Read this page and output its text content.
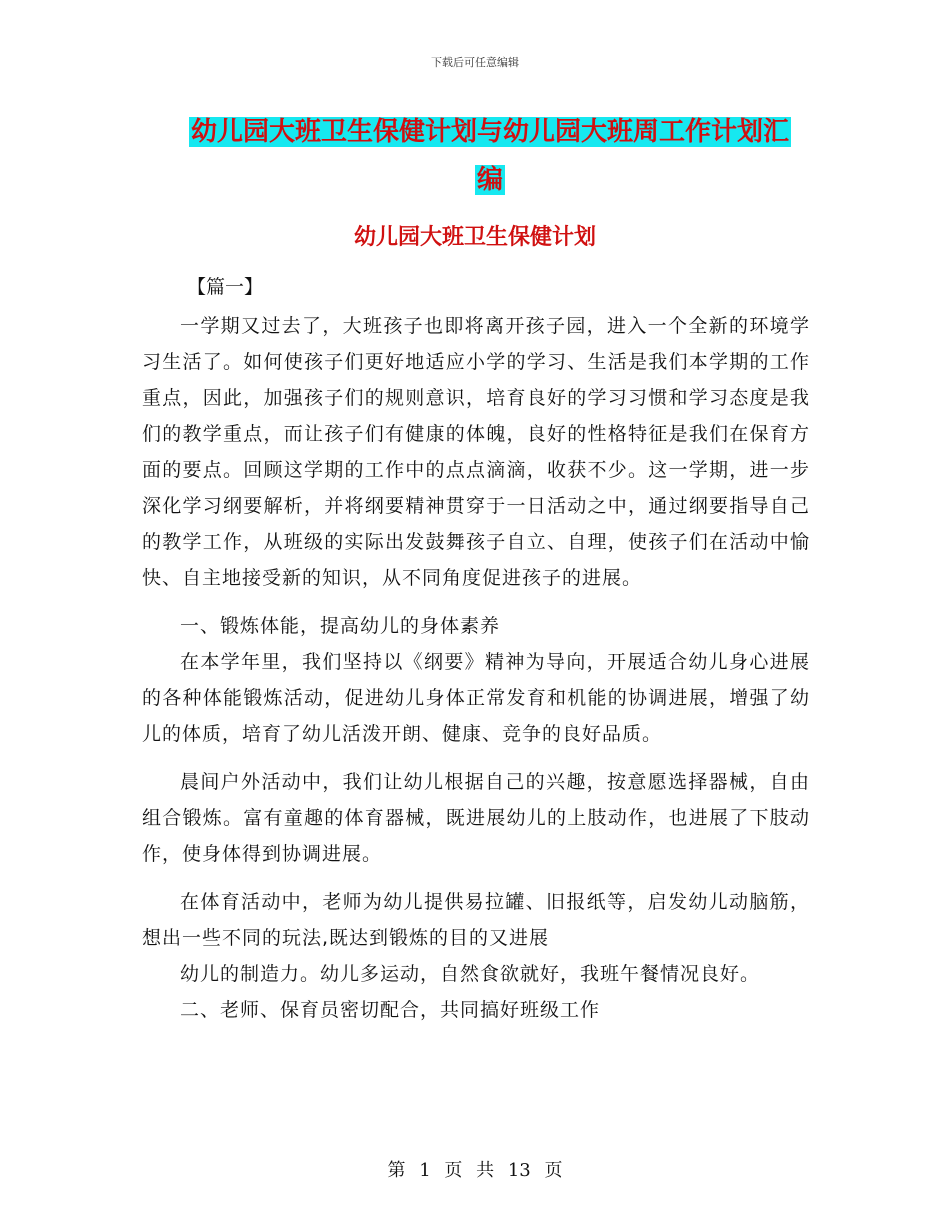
下载后可任意编辑
幼儿园大班卫生保健计划与幼儿园大班周工作计划汇
编
幼儿园大班卫生保健计划
【篇一】

一学期又过去了，大班孩子也即将离开孩子园，进入一个全新的环境学习生活了。如何使孩子们更好地适应小学的学习、生活是我们本学期的工作重点，因此，加强孩子们的规则意识，培育良好的学习习惯和学习态度是我们的教学重点，而让孩子们有健康的体魄，良好的性格特征是我们在保育方面的要点。回顾这学期的工作中的点点滴滴，收获不少。这一学期，进一步深化学习纲要解析，并将纲要精神贯穿于一日活动之中，通过纲要指导自己的教学工作，从班级的实际出发鼓舞孩子自立、自理，使孩子们在活动中愉快、自主地接受新的知识，从不同角度促进孩子的进展。

一、锻炼体能，提高幼儿的身体素养

在本学年里，我们坚持以《纲要》精神为导向，开展适合幼儿身心进展的各种体能锻炼活动，促进幼儿身体正常发育和机能的协调进展，增强了幼儿的体质，培育了幼儿活泼开朗、健康、竞争的良好品质。

晨间户外活动中，我们让幼儿根据自己的兴趣，按意愿选择器械，自由组合锻炼。富有童趣的体育器械，既进展幼儿的上肢动作，也进展了下肢动作，使身体得到协调进展。

在体育活动中，老师为幼儿提供易拉罐、旧报纸等，启发幼儿动脑筋，想出一些不同的玩法,既达到锻炼的目的又进展

幼儿的制造力。幼儿多运动，自然食欲就好，我班午餐情况良好。

二、老师、保育员密切配合，共同搞好班级工作

第 1 页 共 13 页
